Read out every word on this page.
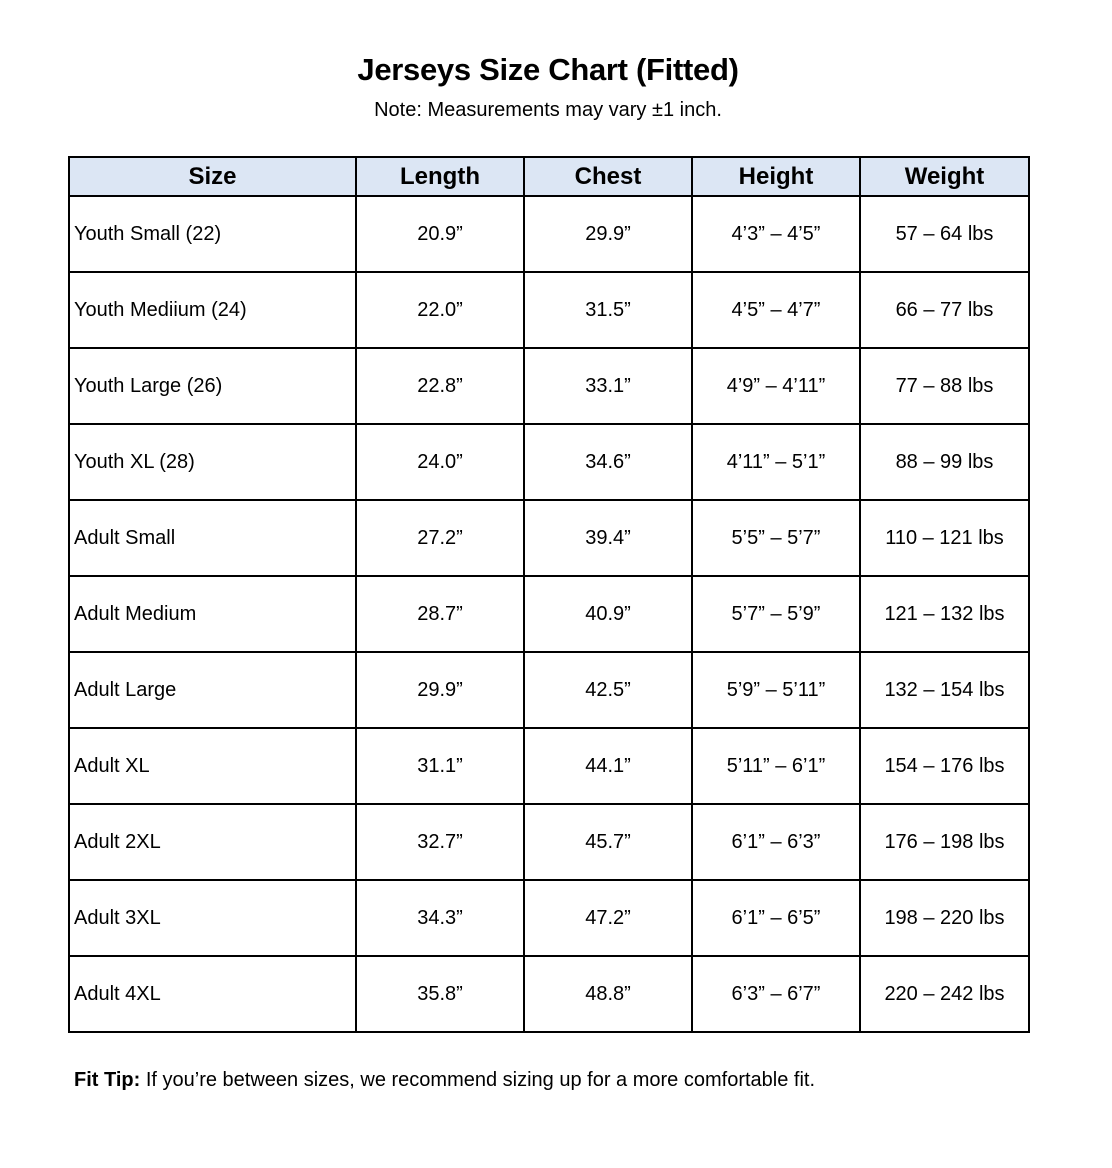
Jerseys Size Chart (Fitted)
Note: Measurements may vary ±1 inch.
Size	Length	Chest	Height	Weight
Youth Small (22)	20.9”	29.9”	4’3” – 4’5”	57 – 64 lbs
Youth Mediium (24)	22.0”	31.5”	4’5” – 4’7”	66 – 77 lbs
Youth Large (26)	22.8”	33.1”	4’9” – 4’11”	77 – 88 lbs
Youth XL (28)	24.0”	34.6”	4’11” – 5’1”	88 – 99 lbs
Adult Small	27.2”	39.4”	5’5” – 5’7”	110 – 121 lbs
Adult Medium	28.7”	40.9”	5’7” – 5’9”	121 – 132 lbs
Adult Large	29.9”	42.5”	5’9” – 5’11”	132 – 154 lbs
Adult XL	31.1”	44.1”	5’11” – 6’1”	154 – 176 lbs
Adult 2XL	32.7”	45.7”	6’1” – 6’3”	176 – 198 lbs
Adult 3XL	34.3”	47.2”	6’1” – 6’5”	198 – 220 lbs
Adult 4XL	35.8”	48.8”	6’3” – 6’7”	220 – 242 lbs
Fit Tip: If you’re between sizes, we recommend sizing up for a more comfortable fit.
